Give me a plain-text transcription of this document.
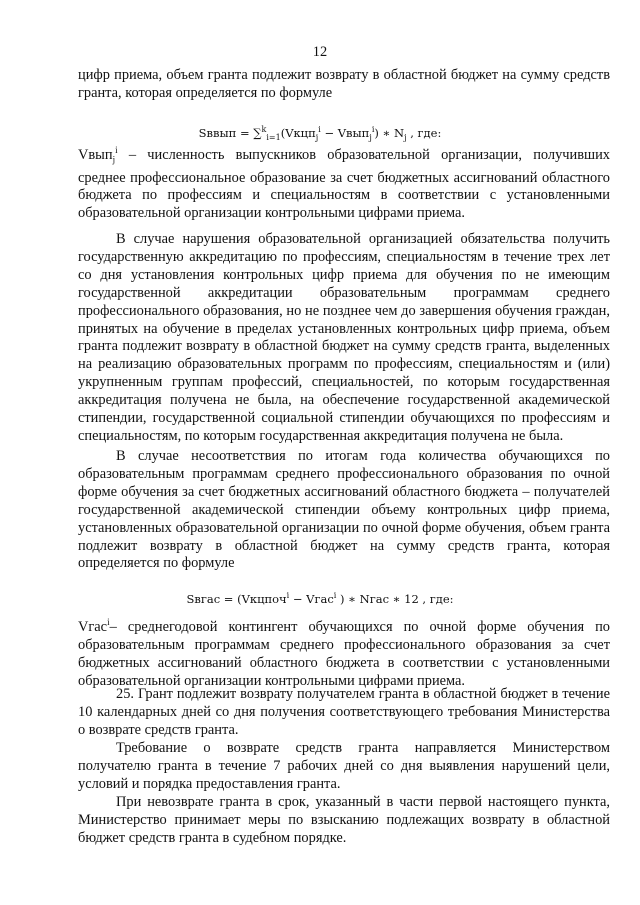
12

цифр приема, объем гранта подлежит возврату в областной бюджет на сумму средств гранта, которая определяется по формуле

Sввып = ∑$^k_{i=1}$(Vкцп$_j^i$ − Vвып$_j^i$) ∗ $N_j$ , где:

Vвып$_j^i$ – численность выпускников образовательной организации, получивших среднее профессиональное образование за счет бюджетных ассигнований областного бюджета по профессиям и специальностям в соответствии с установленными образовательной организации контрольными цифрами приема.

В случае нарушения образовательной организацией обязательства получить государственную аккредитацию по профессиям, специальностям в течение трех лет со дня установления контрольных цифр приема для обучения по не имеющим государственной аккредитации образовательным программам среднего профессионального образования, но не позднее чем до завершения обучения граждан, принятых на обучение в пределах установленных контрольных цифр приема, объем гранта подлежит возврату в областной бюджет на сумму средств гранта, выделенных на реализацию образовательных программ по профессиям, специальностям и (или) укрупненным группам профессий, специальностей, по которым государственная аккредитация получена не была, на обеспечение государственной академической стипендии, государственной социальной стипендии обучающихся по профессиям и специальностям, по которым государственная аккредитация получена не была.

В случае несоответствия по итогам года количества обучающихся по образовательным программам среднего профессионального образования по очной форме обучения за счет бюджетных ассигнований областного бюджета – получателей государственной академической стипендии объему контрольных цифр приема, установленных образовательной организации по очной форме обучения, объем гранта подлежит возврату в областной бюджет на сумму средств гранта, которая определяется по формуле

Sвгас = (Vкцпоч$^i$ − Vгас$^i$ ) ∗ Nгас ∗ 12 , где:

Vгас$^i$– среднегодовой контингент обучающихся по очной форме обучения по образовательным программам среднего профессионального образования за счет бюджетных ассигнований областного бюджета в соответствии с установленными образовательной организации контрольными цифрами приема.

25. Грант подлежит возврату получателем гранта в областной бюджет в течение 10 календарных дней со дня получения соответствующего требования Министерства о возврате средств гранта.

Требование о возврате средств гранта направляется Министерством получателю гранта в течение 7 рабочих дней со дня выявления нарушений цели, условий и порядка предоставления гранта.

При невозврате гранта в срок, указанный в части первой настоящего пункта, Министерство принимает меры по взысканию подлежащих возврату в областной бюджет средств гранта в судебном порядке.
